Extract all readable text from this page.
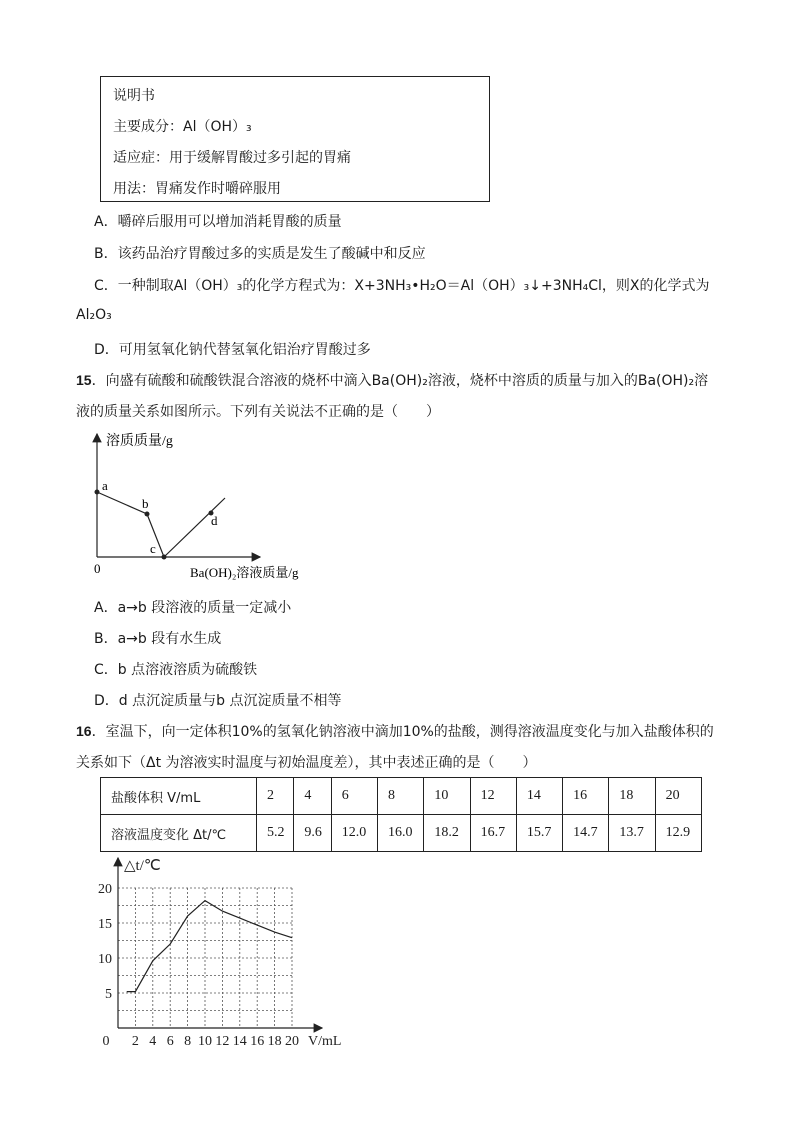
说明书
主要成分：Al（OH）₃
适应症：用于缓解胃酸过多引起的胃痛
用法：胃痛发作时嚼碎服用
A．嚼碎后服用可以增加消耗胃酸的质量
B．该药品治疗胃酸过多的实质是发生了酸碱中和反应
C．一种制取Al（OH）₃的化学方程式为：X+3NH₃•H₂O＝Al（OH）₃↓+3NH₄Cl，则X的化学式为
Al₂O₃
D．可用氢氧化钠代替氢氧化铝治疗胃酸过多
15．向盛有硫酸和硫酸铁混合溶液的烧杯中滴入Ba(OH)₂溶液，烧杯中溶质的质量与加入的Ba(OH)₂溶
液的质量关系如图所示。下列有关说法不正确的是（　　）
溶质质量/g
a
b
c
d
0	Ba(OH)₂溶液质量/g
A．a→b 段溶液的质量一定减小
B．a→b 段有水生成
C．b 点溶液溶质为硫酸铁
D．d 点沉淀质量与b 点沉淀质量不相等
16．室温下，向一定体积10%的氢氧化钠溶液中滴加10%的盐酸，测得溶液温度变化与加入盐酸体积的
关系如下（Δt 为溶液实时温度与初始温度差），其中表述正确的是（　　）
盐酸体积 V/mL	2	4	6	8	10	12	14	16	18	20
溶液温度变化 Δt/℃	5.2	9.6	12.0	16.0	18.2	16.7	15.7	14.7	13.7	12.9
0 2 4 6 8 10 12 14 16 18 20
5
10
15
20
△t/℃
V/mL
